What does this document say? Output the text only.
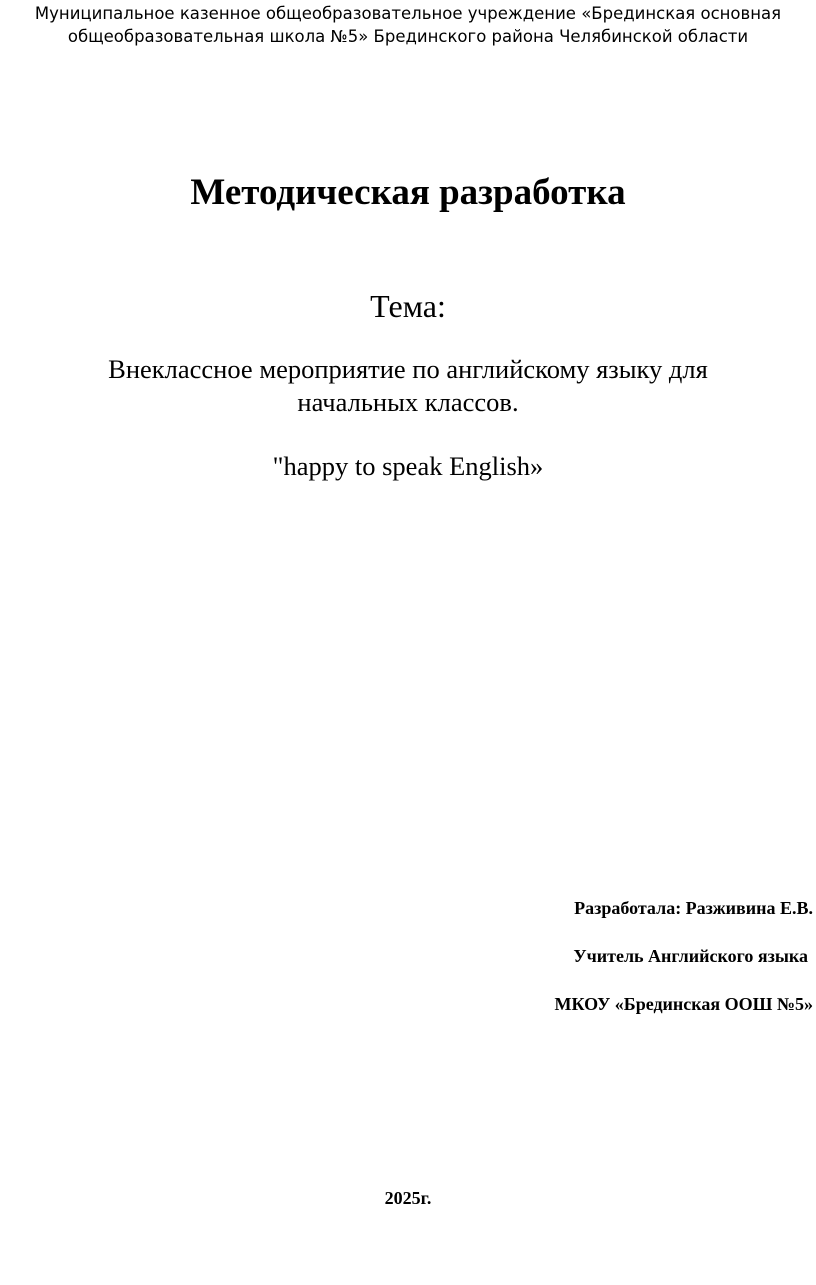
Муниципальное казенное общеобразовательное учреждение «Брединская основная
общеобразовательная школа №5» Брединского района Челябинской области
Методическая разработка
Тема:
Внеклассное мероприятие по английскому языку для
начальных классов.
"happy to speak English»
Разработала: Разживина Е.В.
Учитель Английского языка
МКОУ «Брединская ООШ №5»
2025г.
